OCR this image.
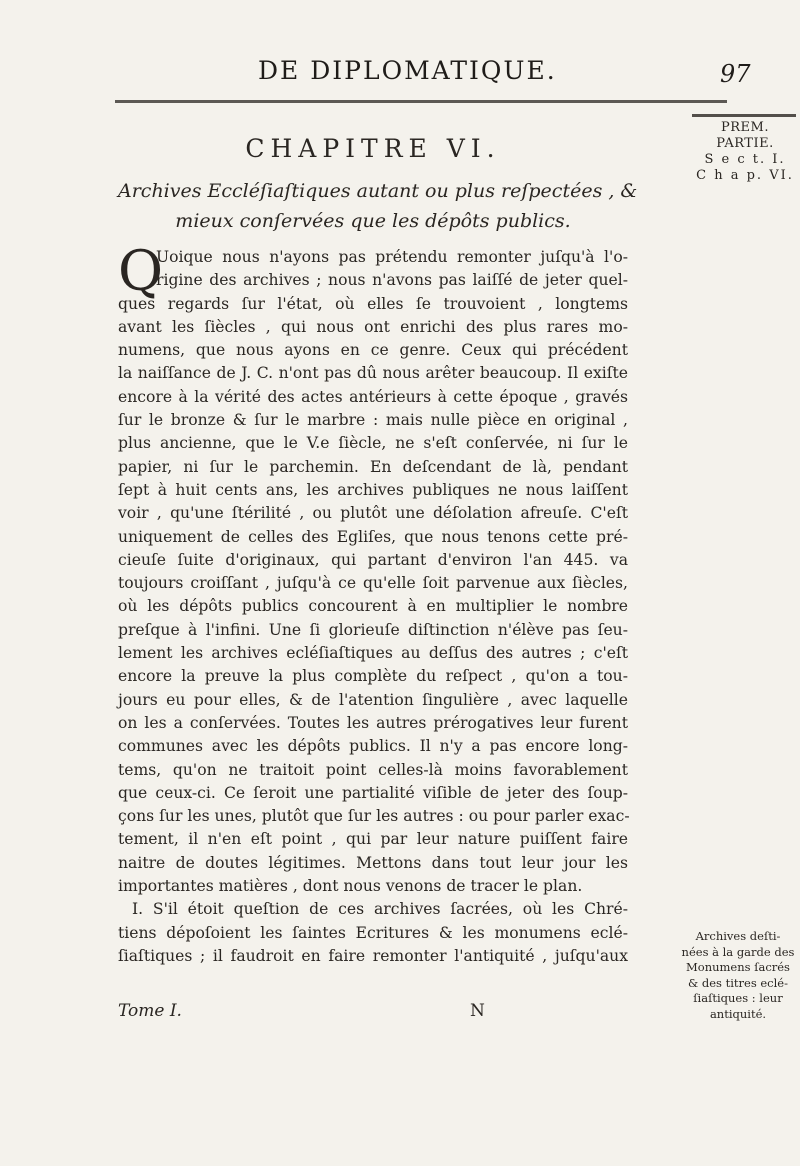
DE DIPLOMATIQUE.	97
CHAPITRE VI.
Archives Eccléſiaſtiques autant ou plus reſpectées , &
mieux conſervées que les dépôts publics.
PREM. PARTIE.
S e c t. I.
C h a p. VI.
Q
Uoique nous n'ayons pas prétendu remonter juſqu'à l'o-
rigine des archives ; nous n'avons pas laiſſé de jeter quel-
ques regards ſur l'état, où elles ſe trouvoient , longtems
avant les ſiècles , qui nous ont enrichi des plus rares mo-
numens, que nous ayons en ce genre. Ceux qui précédent
la naiſſance de J. C. n'ont pas dû nous arêter beaucoup. Il exiſte
encore à la vérité des actes antérieurs à cette époque , gravés
ſur le bronze & ſur le marbre : mais nulle pièce en original ,
plus ancienne, que le V.e ſiècle, ne s'eſt conſervée, ni ſur le
papier, ni ſur le parchemin. En deſcendant de là, pendant
ſept à huit cents ans, les archives publiques ne nous laiſſent
voir , qu'une ſtérilité , ou plutôt une déſolation afreuſe. C'eſt
uniquement de celles des Egliſes, que nous tenons cette pré-
cieuſe ſuite d'originaux, qui partant d'environ l'an 445. va
toujours croiſſant , juſqu'à ce qu'elle ſoit parvenue aux ſiècles,
où les dépôts publics concourent à en multiplier le nombre
preſque à l'infini. Une ſi glorieuſe diſtinction n'élève pas ſeu-
lement les archives ecléſiaſtiques au deſſus des autres ; c'eſt
encore la preuve la plus complète du reſpect , qu'on a tou-
jours eu pour elles, & de l'atention ſingulière , avec laquelle
on les a conſervées. Toutes les autres prérogatives leur furent
communes avec les dépôts publics. Il n'y a pas encore long-
tems, qu'on ne traitoit point celles-là moins favorablement
que ceux-ci. Ce ſeroit une partialité viſible de jeter des ſoup-
çons ſur les unes, plutôt que ſur les autres : ou pour parler exac-
tement, il n'en eſt point , qui par leur nature puiſſent faire
naitre de doutes légitimes. Mettons dans tout leur jour les
importantes matières , dont nous venons de tracer le plan.
I. S'il étoit queſtion de ces archives ſacrées, où les Chré-
tiens dépoſoient les ſaintes Ecritures & les monumens eclé-
ſiaſtiques ; il faudroit en faire remonter l'antiquité , juſqu'aux
Tome I.	N
Archives deſti-
nées à la garde des
Monumens ſacrés
& des titres eclé-
ſiaſtiques : leur
antiquité.
